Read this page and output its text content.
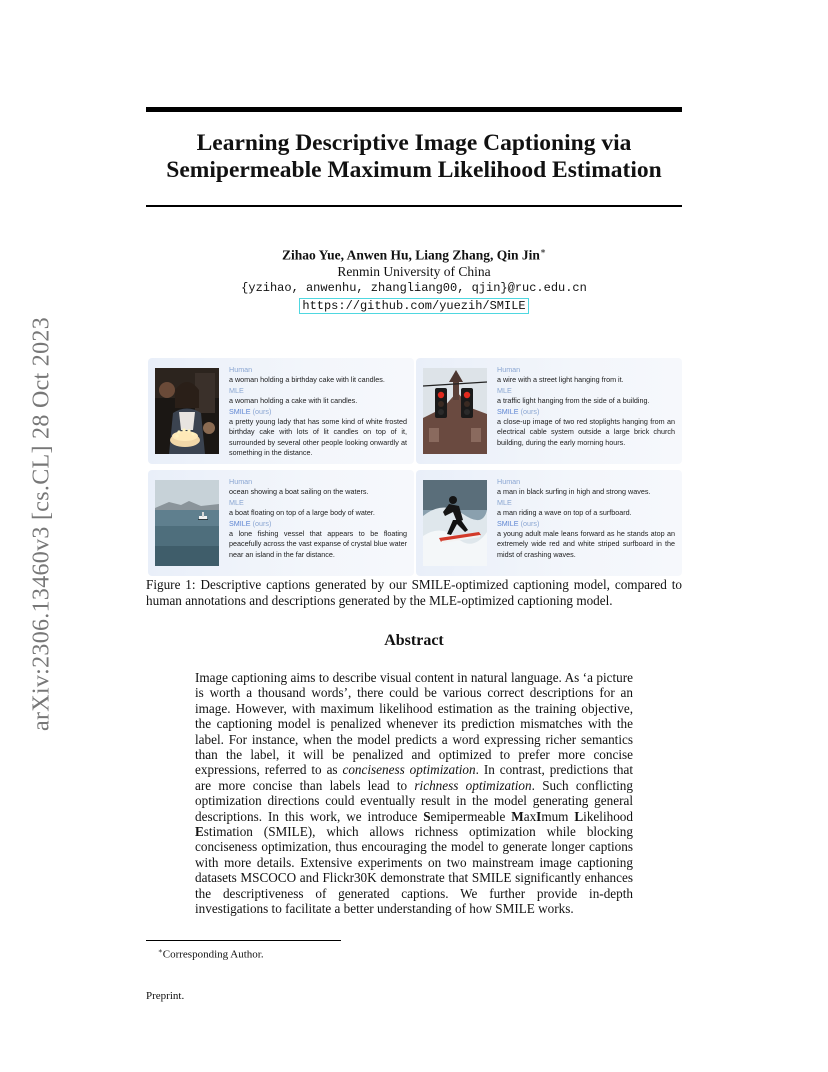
arXiv:2306.13460v3 [cs.CL] 28 Oct 2023
Learning Descriptive Image Captioning via
Semipermeable Maximum Likelihood Estimation
Zihao Yue, Anwen Hu, Liang Zhang, Qin Jin∗
Renmin University of China
{yzihao, anwenhu, zhangliang00, qjin}@ruc.edu.cn
https://github.com/yuezih/SMILE
Human
a woman holding a birthday cake with lit candles.
MLE
a woman holding a cake with lit candles.
SMILE (ours)
a pretty young lady that has some kind of white frosted birthday cake with lots of lit candles on top of it, surrounded by several other people looking onwardly at something in the distance.
Human
a wire with a street light hanging from it.
MLE
a traffic light hanging from the side of a building.
SMILE (ours)
a close-up image of two red stoplights hanging from an electrical cable system outside a large brick church building, during the early morning hours.
Human
ocean showing a boat sailing on the waters.
MLE
a boat floating on top of a large body of water.
SMILE (ours)
a lone fishing vessel that appears to be floating peacefully across the vast expanse of crystal blue water near an island in the far distance.
Human
a man in black surfing in high and strong waves.
MLE
a man riding a wave on top of a surfboard.
SMILE (ours)
a young adult male leans forward as he stands atop an extremely wide red and white striped surfboard in the midst of crashing waves.
Figure 1: Descriptive captions generated by our SMILE-optimized captioning model, compared to human annotations and descriptions generated by the MLE-optimized captioning model.
Abstract
Image captioning aims to describe visual content in natural language. As ‘a picture is worth a thousand words’, there could be various correct descriptions for an image. However, with maximum likelihood estimation as the training objective, the captioning model is penalized whenever its prediction mismatches with the label. For instance, when the model predicts a word expressing richer semantics than the label, it will be penalized and optimized to prefer more concise expressions, referred to as conciseness optimization. In contrast, predictions that are more concise than labels lead to richness optimization. Such conflicting optimization directions could eventually result in the model generating general descriptions. In this work, we introduce Semipermeable MaxImum Likelihood Estimation (SMILE), which allows richness optimization while blocking conciseness optimization, thus encouraging the model to generate longer captions with more details. Extensive experiments on two mainstream image captioning datasets MSCOCO and Flickr30K demonstrate that SMILE significantly enhances the descriptiveness of generated captions. We further provide in-depth investigations to facilitate a better understanding of how SMILE works.
∗Corresponding Author.
Preprint.
